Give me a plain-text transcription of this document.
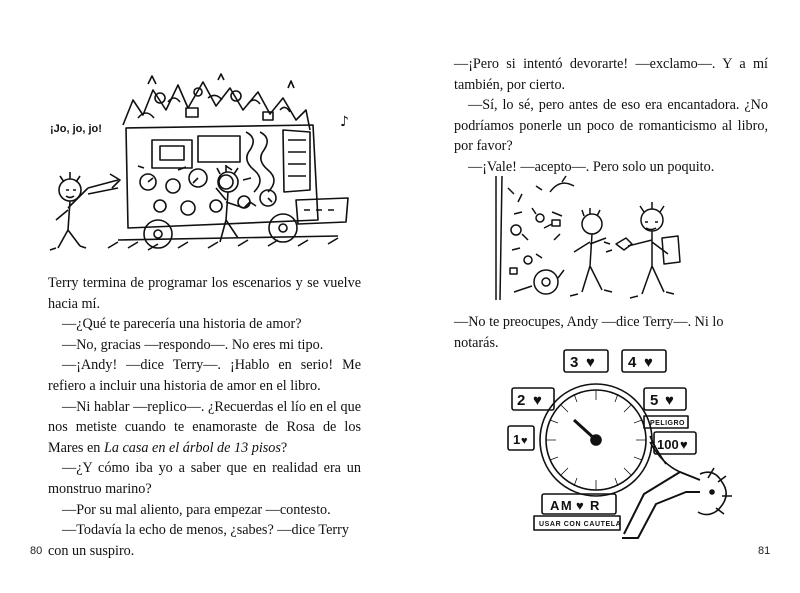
¡Jo, jo, jo!	♪

Terry termina de programar los escenarios y se vuelve hacia mí.

—¿Qué te parecería una historia de amor?

—No, gracias —respondo—. No eres mi tipo.

—¡Andy! —dice Terry—. ¡Hablo en serio! Me refiero a incluir una historia de amor en el libro.

—Ni hablar —replico—. ¿Recuerdas el lío en el que nos metiste cuando te enamoraste de Rosa de los Mares en La casa en el árbol de 13 pisos?

—¿Y cómo iba yo a saber que en realidad era un monstruo marino?

—Por su mal aliento, para empezar —contesto.

—Todavía la echo de menos, ¿sabes? —dice Terry con un suspiro.

80

—¡Pero si intentó devorarte! —exclamo—. Y a mí también, por cierto.

—Sí, lo sé, pero antes de eso era encantadora. ¿No podríamos ponerle un poco de romanticismo al libro, por favor?

—¡Vale! —acepto—. Pero solo un poquito.

—No te preocupes, Andy —dice Terry—. Ni lo notarás.

3 ♥ 4 ♥
2 ♥	5 ♥
PELIGRO
1 ♥	100 ♥
AM ♥ R
USAR CON CAUTELA
81
